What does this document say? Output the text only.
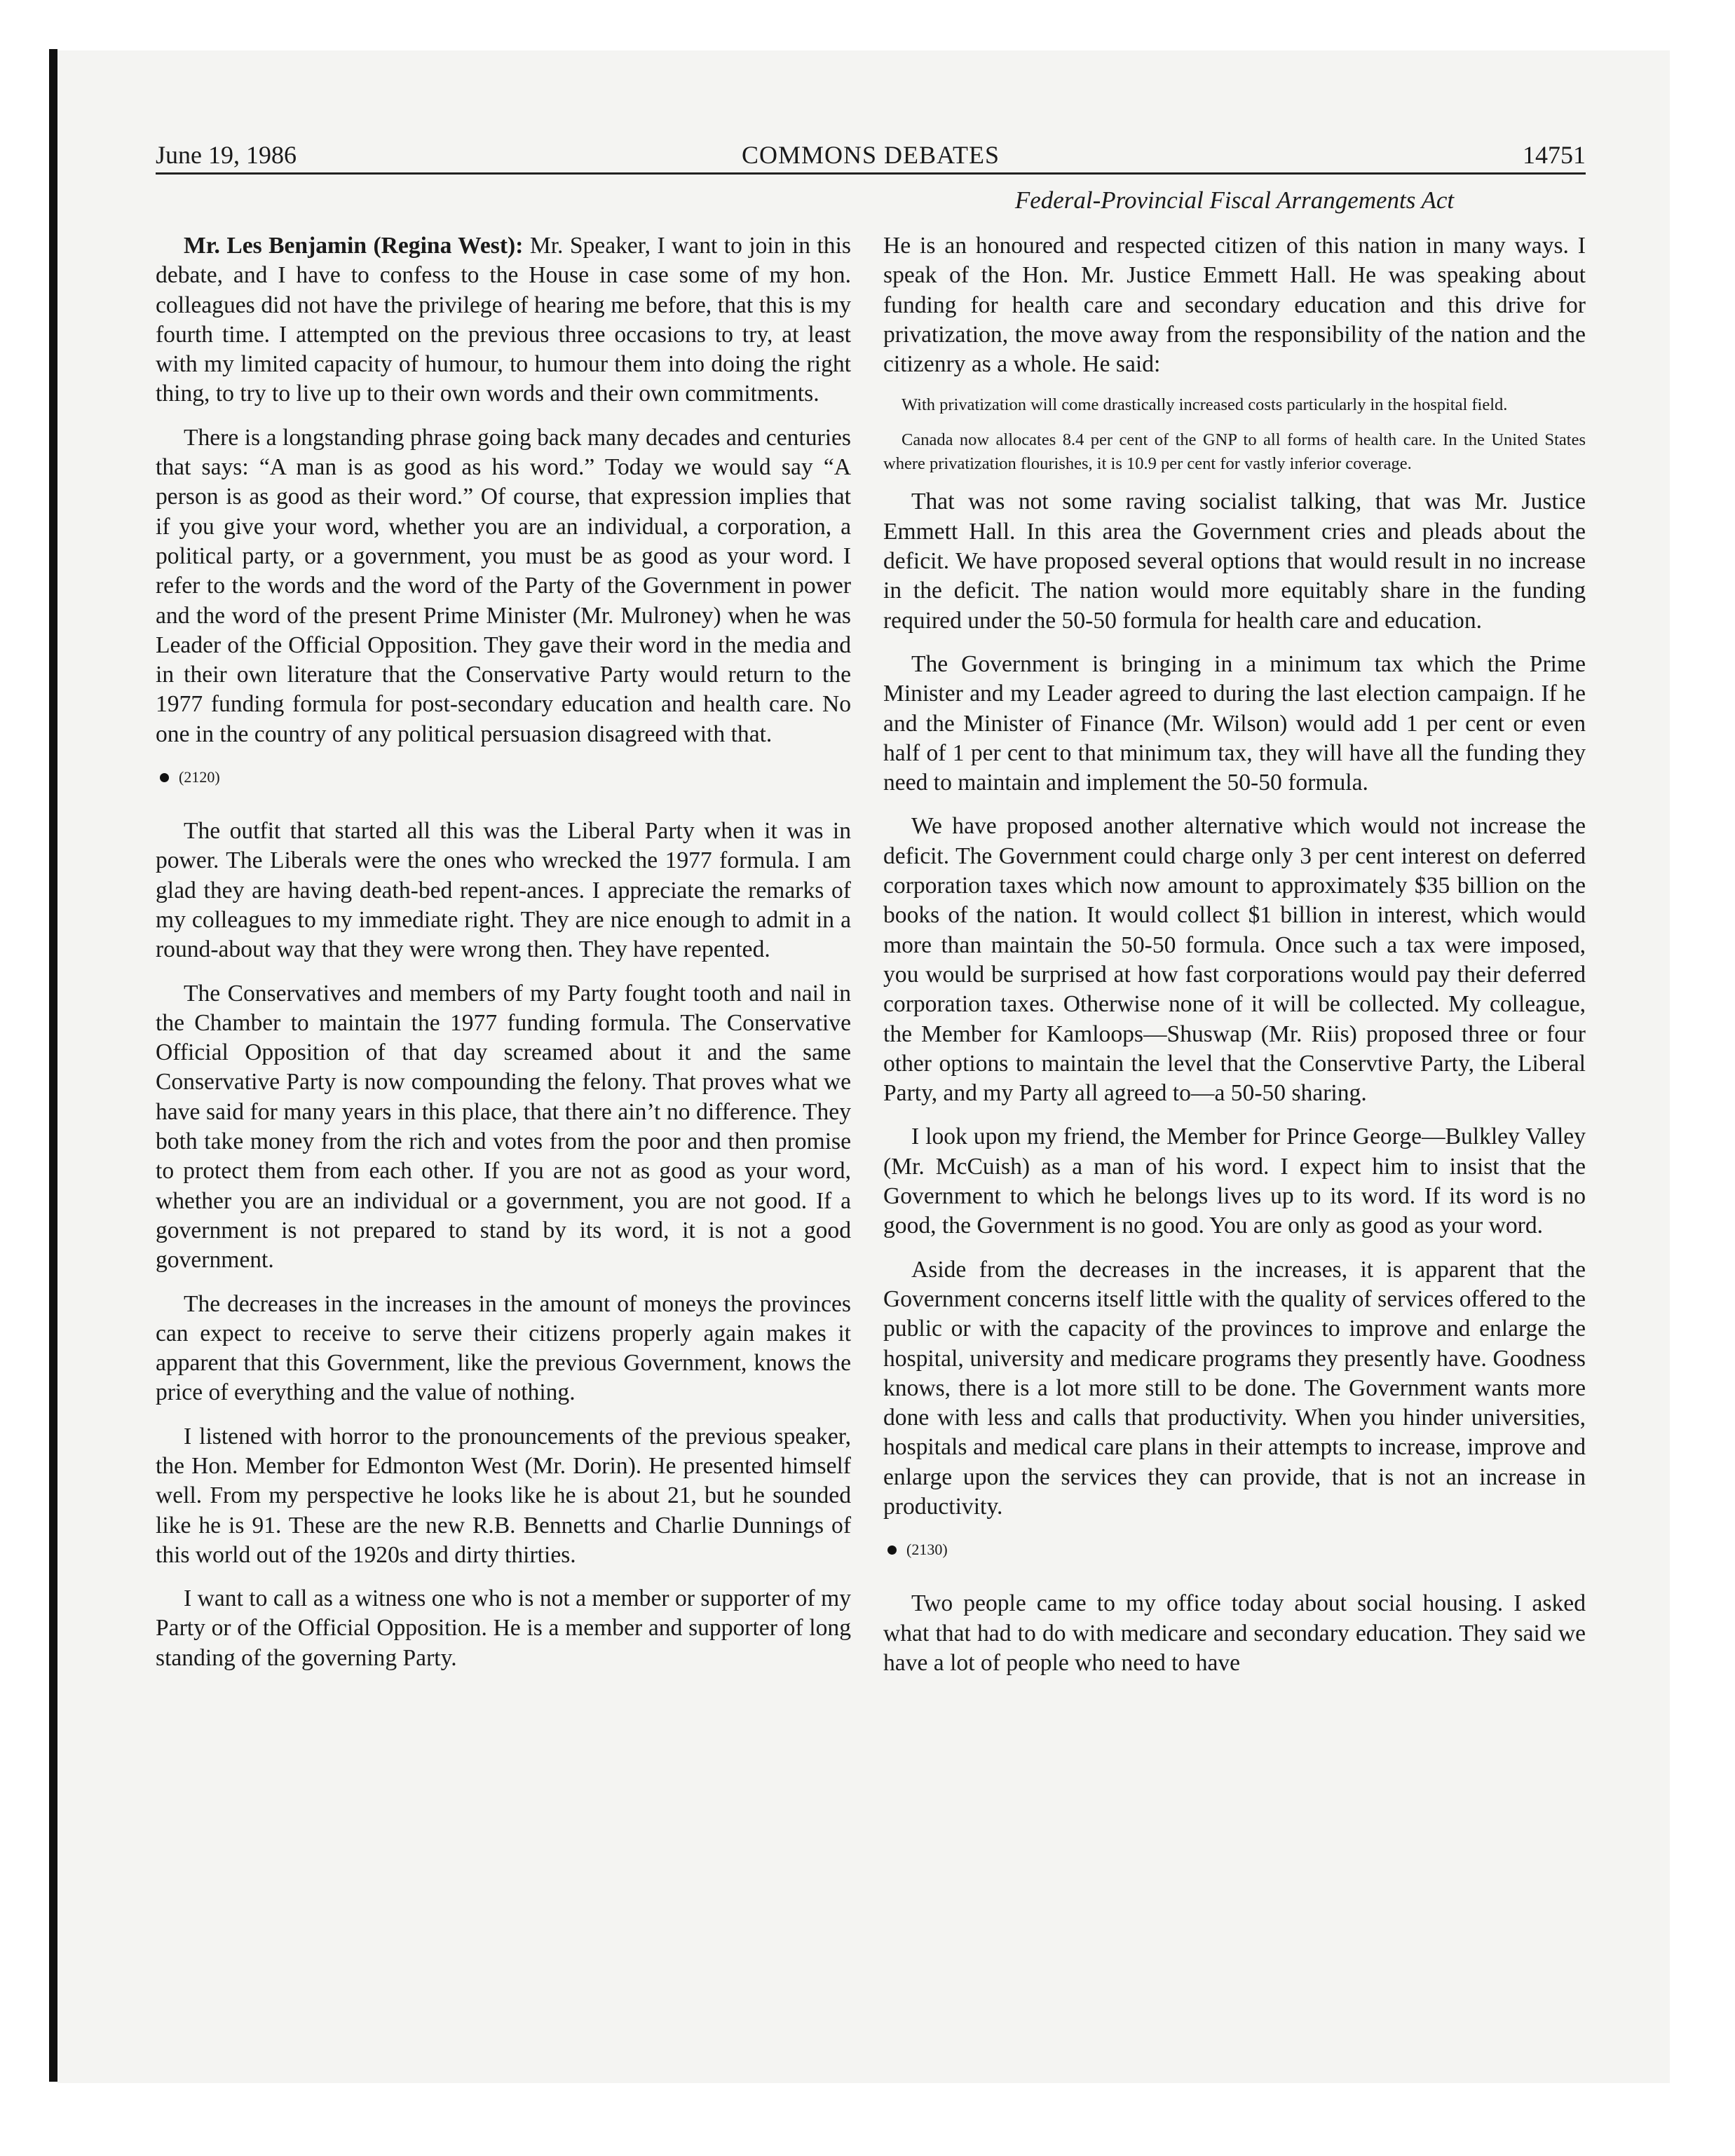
June 19, 1986	COMMONS DEBATES	14751
Federal-Provincial Fiscal Arrangements Act

Mr. Les Benjamin (Regina West): Mr. Speaker, I want to join in this debate, and I have to confess to the House in case some of my hon. colleagues did not have the privilege of hearing me before, that this is my fourth time. I attempted on the previous three occasions to try, at least with my limited capacity of humour, to humour them into doing the right thing, to try to live up to their own words and their own commitments.

There is a longstanding phrase going back many decades and centuries that says: “A man is as good as his word.” Today we would say “A person is as good as their word.” Of course, that expression implies that if you give your word, whether you are an individual, a corporation, a political party, or a government, you must be as good as your word. I refer to the words and the word of the Party of the Government in power and the word of the present Prime Minister (Mr. Mulroney) when he was Leader of the Official Opposition. They gave their word in the media and in their own literature that the Conservative Party would return to the 1977 funding formula for post-secondary education and health care. No one in the country of any political persuasion disagreed with that.

(2120)

The outfit that started all this was the Liberal Party when it was in power. The Liberals were the ones who wrecked the 1977 formula. I am glad they are having death-bed repent-ances. I appreciate the remarks of my colleagues to my immediate right. They are nice enough to admit in a round-about way that they were wrong then. They have repented.

The Conservatives and members of my Party fought tooth and nail in the Chamber to maintain the 1977 funding formula. The Conservative Official Opposition of that day screamed about it and the same Conservative Party is now compounding the felony. That proves what we have said for many years in this place, that there ain’t no difference. They both take money from the rich and votes from the poor and then promise to protect them from each other. If you are not as good as your word, whether you are an individual or a government, you are not good. If a government is not prepared to stand by its word, it is not a good government.

The decreases in the increases in the amount of moneys the provinces can expect to receive to serve their citizens properly again makes it apparent that this Government, like the previous Government, knows the price of everything and the value of nothing.

I listened with horror to the pronouncements of the previous speaker, the Hon. Member for Edmonton West (Mr. Dorin). He presented himself well. From my perspective he looks like he is about 21, but he sounded like he is 91. These are the new R.B. Bennetts and Charlie Dunnings of this world out of the 1920s and dirty thirties.

I want to call as a witness one who is not a member or supporter of my Party or of the Official Opposition. He is a member and supporter of long standing of the governing Party.

He is an honoured and respected citizen of this nation in many ways. I speak of the Hon. Mr. Justice Emmett Hall. He was speaking about funding for health care and secondary education and this drive for privatization, the move away from the responsibility of the nation and the citizenry as a whole. He said:

With privatization will come drastically increased costs particularly in the hospital field.

Canada now allocates 8.4 per cent of the GNP to all forms of health care. In the United States where privatization flourishes, it is 10.9 per cent for vastly inferior coverage.

That was not some raving socialist talking, that was Mr. Justice Emmett Hall. In this area the Government cries and pleads about the deficit. We have proposed several options that would result in no increase in the deficit. The nation would more equitably share in the funding required under the 50-50 formula for health care and education.

The Government is bringing in a minimum tax which the Prime Minister and my Leader agreed to during the last election campaign. If he and the Minister of Finance (Mr. Wilson) would add 1 per cent or even half of 1 per cent to that minimum tax, they will have all the funding they need to maintain and implement the 50-50 formula.

We have proposed another alternative which would not increase the deficit. The Government could charge only 3 per cent interest on deferred corporation taxes which now amount to approximately $35 billion on the books of the nation. It would collect $1 billion in interest, which would more than maintain the 50-50 formula. Once such a tax were imposed, you would be surprised at how fast corporations would pay their deferred corporation taxes. Otherwise none of it will be collected. My colleague, the Member for Kamloops—Shuswap (Mr. Riis) proposed three or four other options to maintain the level that the Conservtive Party, the Liberal Party, and my Party all agreed to—a 50-50 sharing.

I look upon my friend, the Member for Prince George—Bulkley Valley (Mr. McCuish) as a man of his word. I expect him to insist that the Government to which he belongs lives up to its word. If its word is no good, the Government is no good. You are only as good as your word.

Aside from the decreases in the increases, it is apparent that the Government concerns itself little with the quality of services offered to the public or with the capacity of the provinces to improve and enlarge the hospital, university and medicare programs they presently have. Goodness knows, there is a lot more still to be done. The Government wants more done with less and calls that productivity. When you hinder universities, hospitals and medical care plans in their attempts to increase, improve and enlarge upon the services they can provide, that is not an increase in productivity.

(2130)

Two people came to my office today about social housing. I asked what that had to do with medicare and secondary education. They said we have a lot of people who need to have
